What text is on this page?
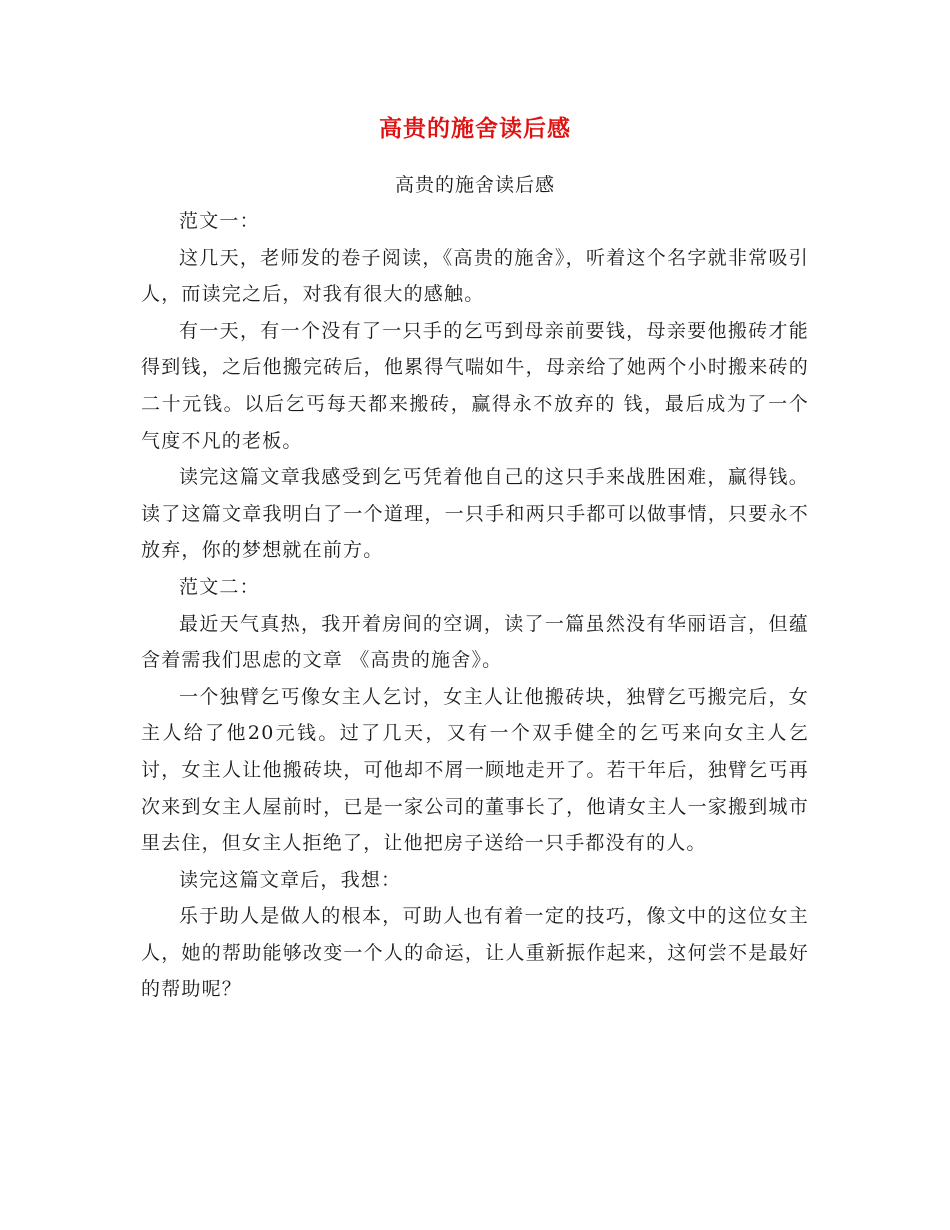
高贵的施舍读后感
高贵的施舍读后感

范文一：

这几天，老师发的卷子阅读，《高贵的施舍》，听着这个名字就非常吸引人，而读完之后，对我有很大的感触。

有一天，有一个没有了一只手的乞丐到母亲前要钱，母亲要他搬砖才能得到钱，之后他搬完砖后，他累得气喘如牛，母亲给了她两个小时搬来砖的二十元钱。以后乞丐每天都来搬砖，赢得永不放弃的 钱，最后成为了一个气度不凡的老板。

读完这篇文章我感受到乞丐凭着他自己的这只手来战胜困难，赢得钱。读了这篇文章我明白了一个道理，一只手和两只手都可以做事情，只要永不放弃，你的梦想就在前方。

范文二：

最近天气真热，我开着房间的空调，读了一篇虽然没有华丽语言，但蕴含着需我们思虑的文章 《高贵的施舍》。

一个独臂乞丐像女主人乞讨，女主人让他搬砖块，独臂乞丐搬完后，女主人给了他20元钱。过了几天，又有一个双手健全的乞丐来向女主人乞讨，女主人让他搬砖块，可他却不屑一顾地走开了。若干年后，独臂乞丐再次来到女主人屋前时，已是一家公司的董事长了，他请女主人一家搬到城市里去住，但女主人拒绝了，让他把房子送给一只手都没有的人。

读完这篇文章后，我想：

乐于助人是做人的根本，可助人也有着一定的技巧，像文中的这位女主人，她的帮助能够改变一个人的命运，让人重新振作起来，这何尝不是最好的帮助呢？
